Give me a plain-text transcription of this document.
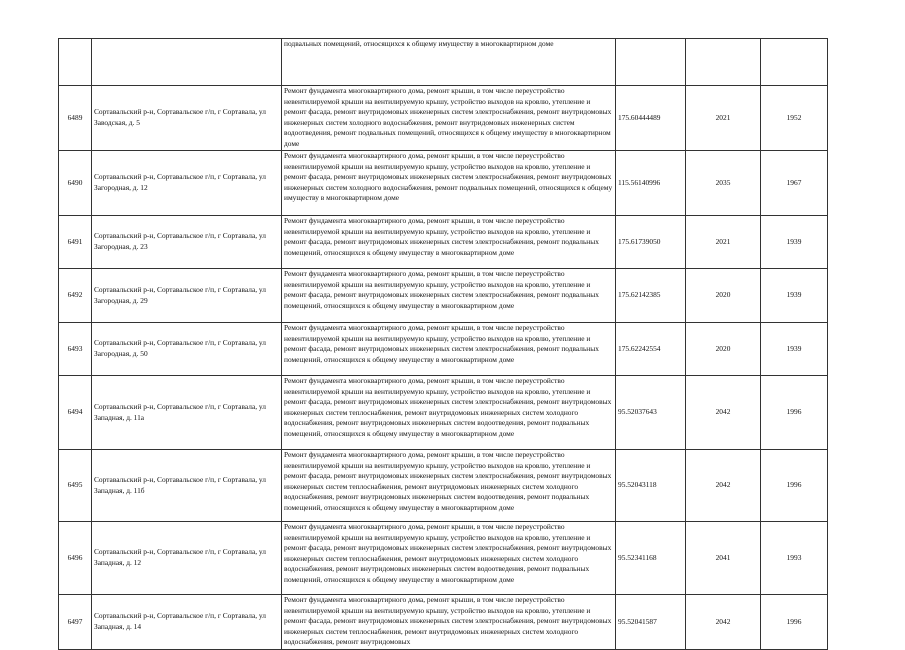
		подвальных помещений, относящихся к общему имуществу в многоквартирном доме			

6489	Сортавальский р-н, Сортавальское г/п, г Сортавала, ул Заводская, д. 5	Ремонт фундамента многоквартирного дома, ремонт крыши, в том числе переустройство невентилируемой крыши на вентилируемую крышу, устройство выходов на кровлю, утепление и ремонт фасада, ремонт внутридомовых инженерных систем электроснабжения, ремонт внутридомовых инженерных систем холодного водоснабжения, ремонт внутридомовых инженерных систем водоотведения, ремонт подвальных помещений, относящихся к общему имуществу в многоквартирном доме	175.60444489	2021	1952
6490	Сортавальский р-н, Сортавальское г/п, г Сортавала, ул Загородная, д. 12	Ремонт фундамента многоквартирного дома, ремонт крыши, в том числе переустройство невентилируемой крыши на вентилируемую крышу, устройство выходов на кровлю, утепление и ремонт фасада, ремонт внутридомовых инженерных систем электроснабжения, ремонт внутридомовых инженерных систем холодного водоснабжения, ремонт подвальных помещений, относящихся к общему имуществу в многоквартирном доме	115.56140996	2035	1967
6491	Сортавальский р-н, Сортавальское г/п, г Сортавала, ул Загородная, д. 23	Ремонт фундамента многоквартирного дома, ремонт крыши, в том числе переустройство невентилируемой крыши на вентилируемую крышу, устройство выходов на кровлю, утепление и ремонт фасада, ремонт внутридомовых инженерных систем электроснабжения, ремонт подвальных помещений, относящихся к общему имуществу в многоквартирном доме	175.61739050	2021	1939
6492	Сортавальский р-н, Сортавальское г/п, г Сортавала, ул Загородная, д. 29	Ремонт фундамента многоквартирного дома, ремонт крыши, в том числе переустройство невентилируемой крыши на вентилируемую крышу, устройство выходов на кровлю, утепление и ремонт фасада, ремонт внутридомовых инженерных систем электроснабжения, ремонт подвальных помещений, относящихся к общему имуществу в многоквартирном доме	175.62142385	2020	1939
6493	Сортавальский р-н, Сортавальское г/п, г Сортавала, ул Загородная, д. 50	Ремонт фундамента многоквартирного дома, ремонт крыши, в том числе переустройство невентилируемой крыши на вентилируемую крышу, устройство выходов на кровлю, утепление и ремонт фасада, ремонт внутридомовых инженерных систем электроснабжения, ремонт подвальных помещений, относящихся к общему имуществу в многоквартирном доме	175.62242554	2020	1939
6494	Сортавальский р-н, Сортавальское г/п, г Сортавала, ул Западная, д. 11а	Ремонт фундамента многоквартирного дома, ремонт крыши, в том числе переустройство невентилируемой крыши на вентилируемую крышу, устройство выходов на кровлю, утепление и ремонт фасада, ремонт внутридомовых инженерных систем электроснабжения, ремонт внутридомовых инженерных систем теплоснабжения, ремонт внутридомовых инженерных систем холодного водоснабжения, ремонт внутридомовых инженерных систем водоотведения, ремонт подвальных помещений, относящихся к общему имуществу в многоквартирном доме	95.52037643	2042	1996
6495	Сортавальский р-н, Сортавальское г/п, г Сортавала, ул Западная, д. 11б	Ремонт фундамента многоквартирного дома, ремонт крыши, в том числе переустройство невентилируемой крыши на вентилируемую крышу, устройство выходов на кровлю, утепление и ремонт фасада, ремонт внутридомовых инженерных систем электроснабжения, ремонт внутридомовых инженерных систем теплоснабжения, ремонт внутридомовых инженерных систем холодного водоснабжения, ремонт внутридомовых инженерных систем водоотведения, ремонт подвальных помещений, относящихся к общему имуществу в многоквартирном доме	95.52043118	2042	1996
6496	Сортавальский р-н, Сортавальское г/п, г Сортавала, ул Западная, д. 12	Ремонт фундамента многоквартирного дома, ремонт крыши, в том числе переустройство невентилируемой крыши на вентилируемую крышу, устройство выходов на кровлю, утепление и ремонт фасада, ремонт внутридомовых инженерных систем электроснабжения, ремонт внутридомовых инженерных систем теплоснабжения, ремонт внутридомовых инженерных систем холодного водоснабжения, ремонт внутридомовых инженерных систем водоотведения, ремонт подвальных помещений, относящихся к общему имуществу в многоквартирном доме	95.52341168	2041	1993
6497	Сортавальский р-н, Сортавальское г/п, г Сортавала, ул Западная, д. 14	Ремонт фундамента многоквартирного дома, ремонт крыши, в том числе переустройство невентилируемой крыши на вентилируемую крышу, устройство выходов на кровлю, утепление и ремонт фасада, ремонт внутридомовых инженерных систем электроснабжения, ремонт внутридомовых инженерных систем теплоснабжения, ремонт внутридомовых инженерных систем холодного водоснабжения, ремонт внутридомовых	95.52041587	2042	1996
